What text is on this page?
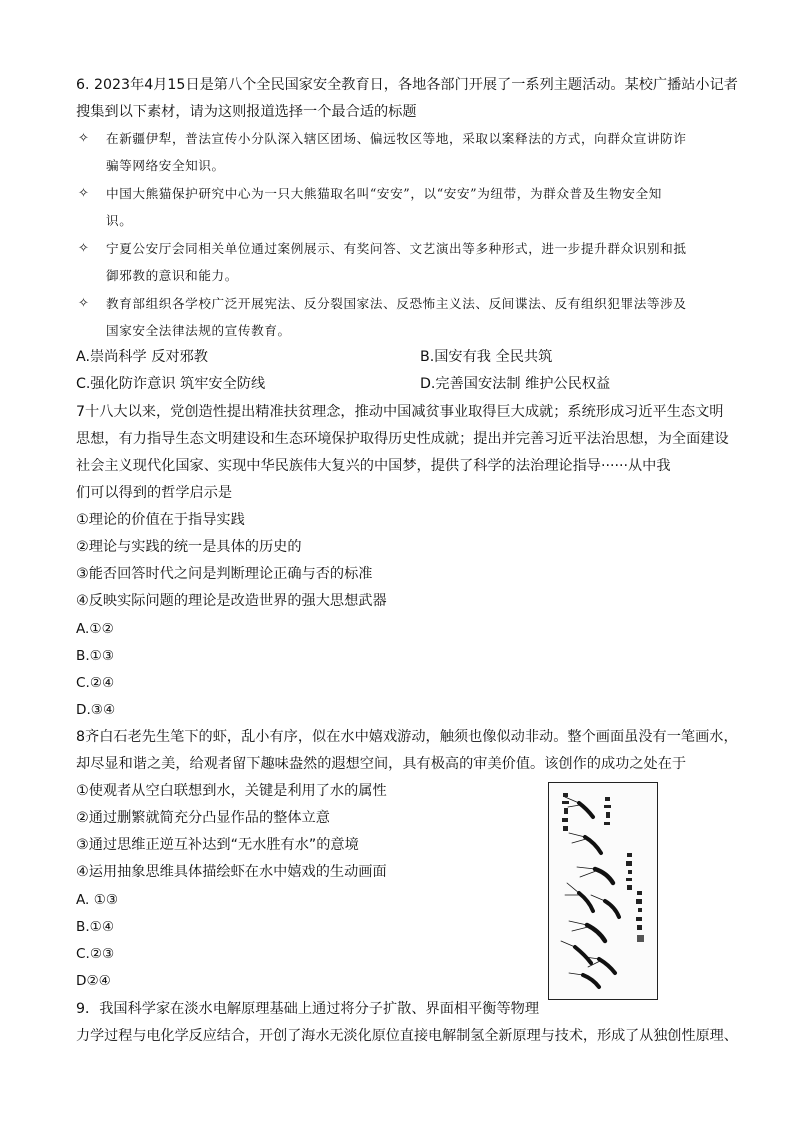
6. 2023年4月15日是第八个全民国家安全教育日，各地各部门开展了一系列主题活动。某校广播站小记者
搜集到以下素材，请为这则报道选择一个最合适的标题
✧ 在新疆伊犁，普法宣传小分队深入辖区团场、偏远牧区等地，采取以案释法的方式，向群众宣讲防诈
骗等网络安全知识。
✧ 中国大熊猫保护研究中心为一只大熊猫取名叫“安安”，以“安安”为纽带，为群众普及生物安全知
识。
✧ 宁夏公安厅会同相关单位通过案例展示、有奖问答、文艺演出等多种形式，进一步提升群众识别和抵
御邪教的意识和能力。
✧ 教育部组织各学校广泛开展宪法、反分裂国家法、反恐怖主义法、反间谍法、反有组织犯罪法等涉及
国家安全法律法规的宣传教育。
A.崇尚科学 反对邪教	B.国安有我 全民共筑
C.强化防诈意识 筑牢安全防线	D.完善国安法制 维护公民权益
7十八大以来，党创造性提出精准扶贫理念，推动中国减贫事业取得巨大成就；系统形成习近平生态文明
思想，有力指导生态文明建设和生态环境保护取得历史性成就；提出并完善习近平法治思想，为全面建设
社会主义现代化国家、实现中华民族伟大复兴的中国梦，提供了科学的法治理论指导······从中我
们可以得到的哲学启示是
①理论的价值在于指导实践
②理论与实践的统一是具体的历史的
③能否回答时代之问是判断理论正确与否的标准
④反映实际问题的理论是改造世界的强大思想武器
A.①②
B.①③
C.②④
D.③④
8齐白石老先生笔下的虾，乱小有序，似在水中嬉戏游动，触须也像似动非动。整个画面虽没有一笔画水，
却尽显和谐之美，给观者留下趣味盎然的遐想空间，具有极高的审美价值。该创作的成功之处在于
①使观者从空白联想到水，关键是利用了水的属性
②通过删繁就简充分凸显作品的整体立意
③通过思维正逆互补达到“无水胜有水”的意境
④运用抽象思维具体描绘虾在水中嬉戏的生动画面
A. ①③
B.①④
C.②③
D②④
9．我国科学家在淡水电解原理基础上通过将分子扩散、界面相平衡等物理
力学过程与电化学反应结合，开创了海水无淡化原位直接电解制氢全新原理与技术，形成了从独创性原理、
